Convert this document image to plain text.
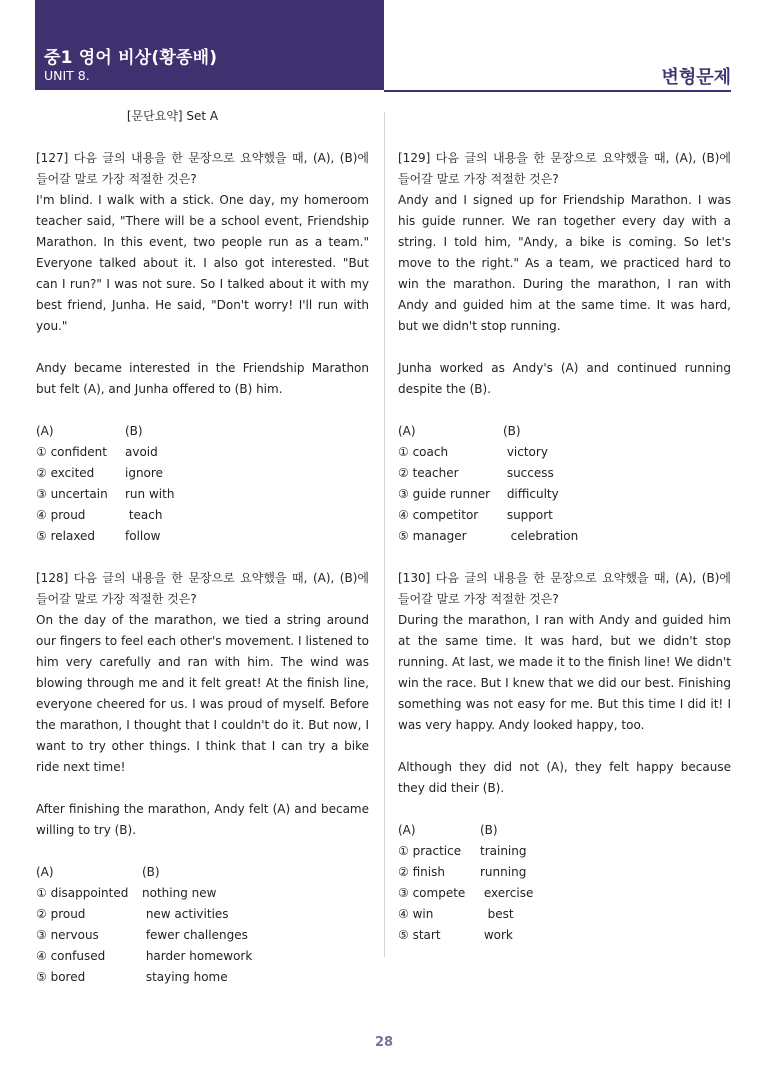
중1 영어 비상(황종배)
UNIT 8.	변형문제
[문단요약] Set A

[127] 다음 글의 내용을 한 문장으로 요약했을 때, (A), (B)에 들어갈 말로 가장 적절한 것은?

I'm blind. I walk with a stick. One day, my homeroom teacher said, "There will be a school event, Friendship Marathon. In this event, two people run as a team." Everyone talked about it. I also got interested. "But can I run?" I was not sure. So I talked about it with my best friend, Junha. He said, "Don't worry! I'll run with you."

Andy became interested in the Friendship Marathon but felt (A), and Junha offered to (B) him.

(A)	(B)
① confident	avoid
② excited	ignore
③ uncertain	run with
④ proud	teach
⑤ relaxed	follow

[128] 다음 글의 내용을 한 문장으로 요약했을 때, (A), (B)에 들어갈 말로 가장 적절한 것은?

On the day of the marathon, we tied a string around our fingers to feel each other's movement. I listened to him very carefully and ran with him. The wind was blowing through me and it felt great! At the finish line, everyone cheered for us. I was proud of myself. Before the marathon, I thought that I couldn't do it. But now, I want to try other things. I think that I can try a bike ride next time!

After finishing the marathon, Andy felt (A) and became willing to try (B).

(A)	(B)
① disappointed	nothing new
② proud	new activities
③ nervous	fewer challenges
④ confused	harder homework
⑤ bored	staying home

[129] 다음 글의 내용을 한 문장으로 요약했을 때, (A), (B)에 들어갈 말로 가장 적절한 것은?

Andy and I signed up for Friendship Marathon. I was his guide runner. We ran together every day with a string. I told him, "Andy, a bike is coming. So let's move to the right." As a team, we practiced hard to win the marathon. During the marathon, I ran with Andy and guided him at the same time. It was hard, but we didn't stop running.

Junha worked as Andy's (A) and continued running despite the (B).

(A)	(B)
① coach	victory
② teacher	success
③ guide runner	difficulty
④ competitor	support
⑤ manager	celebration

[130] 다음 글의 내용을 한 문장으로 요약했을 때, (A), (B)에 들어갈 말로 가장 적절한 것은?

During the marathon, I ran with Andy and guided him at the same time. It was hard, but we didn't stop running. At last, we made it to the finish line! We didn't win the race. But I knew that we did our best. Finishing something was not easy for me. But this time I did it! I was very happy. Andy looked happy, too.

Although they did not (A), they felt happy because they did their (B).

(A)	(B)
① practice	training
② finish	running
③ compete	exercise
④ win	best
⑤ start	work
28
